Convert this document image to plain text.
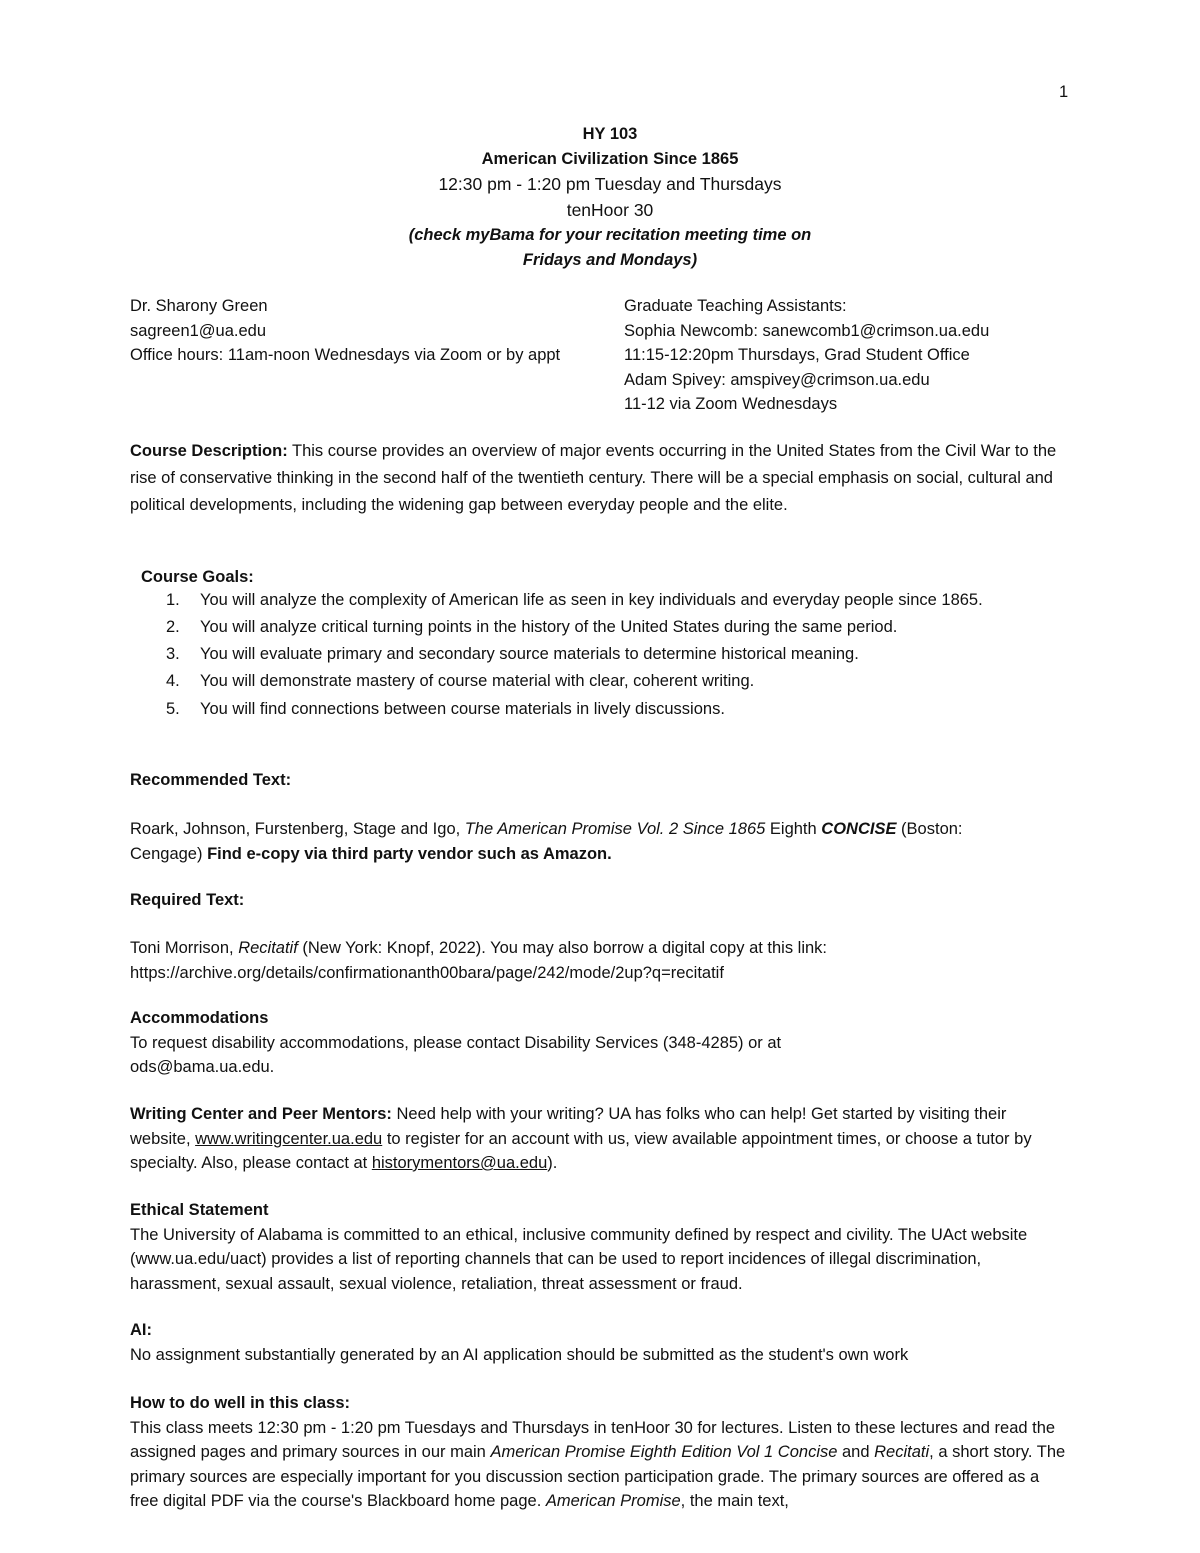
1
HY 103
American Civilization Since 1865
12:30 pm - 1:20 pm Tuesday and Thursdays
tenHoor 30
(check myBama for your recitation meeting time on
Fridays and Mondays)
Dr. Sharony Green
sagreen1@ua.edu
Office hours: 11am-noon Wednesdays via Zoom or by appt
Graduate Teaching Assistants:
Sophia Newcomb: sanewcomb1@crimson.ua.edu
11:15-12:20pm Thursdays, Grad Student Office
Adam Spivey: amspivey@crimson.ua.edu
11-12 via Zoom Wednesdays

Course Description: This course provides an overview of major events occurring in the United States from the Civil War to the rise of conservative thinking in the second half of the twentieth century. There will be a special emphasis on social, cultural and political developments, including the widening gap between everyday people and the elite.

Course Goals:
1. You will analyze the complexity of American life as seen in key individuals and everyday people since 1865.
2. You will analyze critical turning points in the history of the United States during the same period.
3. You will evaluate primary and secondary source materials to determine historical meaning.
4. You will demonstrate mastery of course material with clear, coherent writing.
5. You will find connections between course materials in lively discussions.
Recommended Text:
Roark, Johnson, Furstenberg, Stage and Igo, The American Promise Vol. 2 Since 1865 Eighth CONCISE (Boston: Cengage) Find e-copy via third party vendor such as Amazon.
Required Text:
Toni Morrison, Recitatif (New York: Knopf, 2022). You may also borrow a digital copy at this link:
https://archive.org/details/confirmationanth00bara/page/242/mode/2up?q=recitatif
Accommodations
To request disability accommodations, please contact Disability Services (348-4285) or at
ods@bama.ua.edu.
Writing Center and Peer Mentors: Need help with your writing? UA has folks who can help! Get started by visiting their website, www.writingcenter.ua.edu to register for an account with us, view available appointment times, or choose a tutor by specialty. Also, please contact at historymentors@ua.edu).
Ethical Statement
The University of Alabama is committed to an ethical, inclusive community defined by respect and civility. The UAct website (www.ua.edu/uact) provides a list of reporting channels that can be used to report incidences of illegal discrimination, harassment, sexual assault, sexual violence, retaliation, threat assessment or fraud.
AI:
No assignment substantially generated by an AI application should be submitted as the student's own work
How to do well in this class:
This class meets 12:30 pm - 1:20 pm Tuesdays and Thursdays in tenHoor 30 for lectures. Listen to these lectures and read the assigned pages and primary sources in our main American Promise Eighth Edition Vol 1 Concise and Recitati, a short story. The primary sources are especially important for you discussion section participation grade. The primary sources are offered as a free digital PDF via the course's Blackboard home page. American Promise, the main text,
